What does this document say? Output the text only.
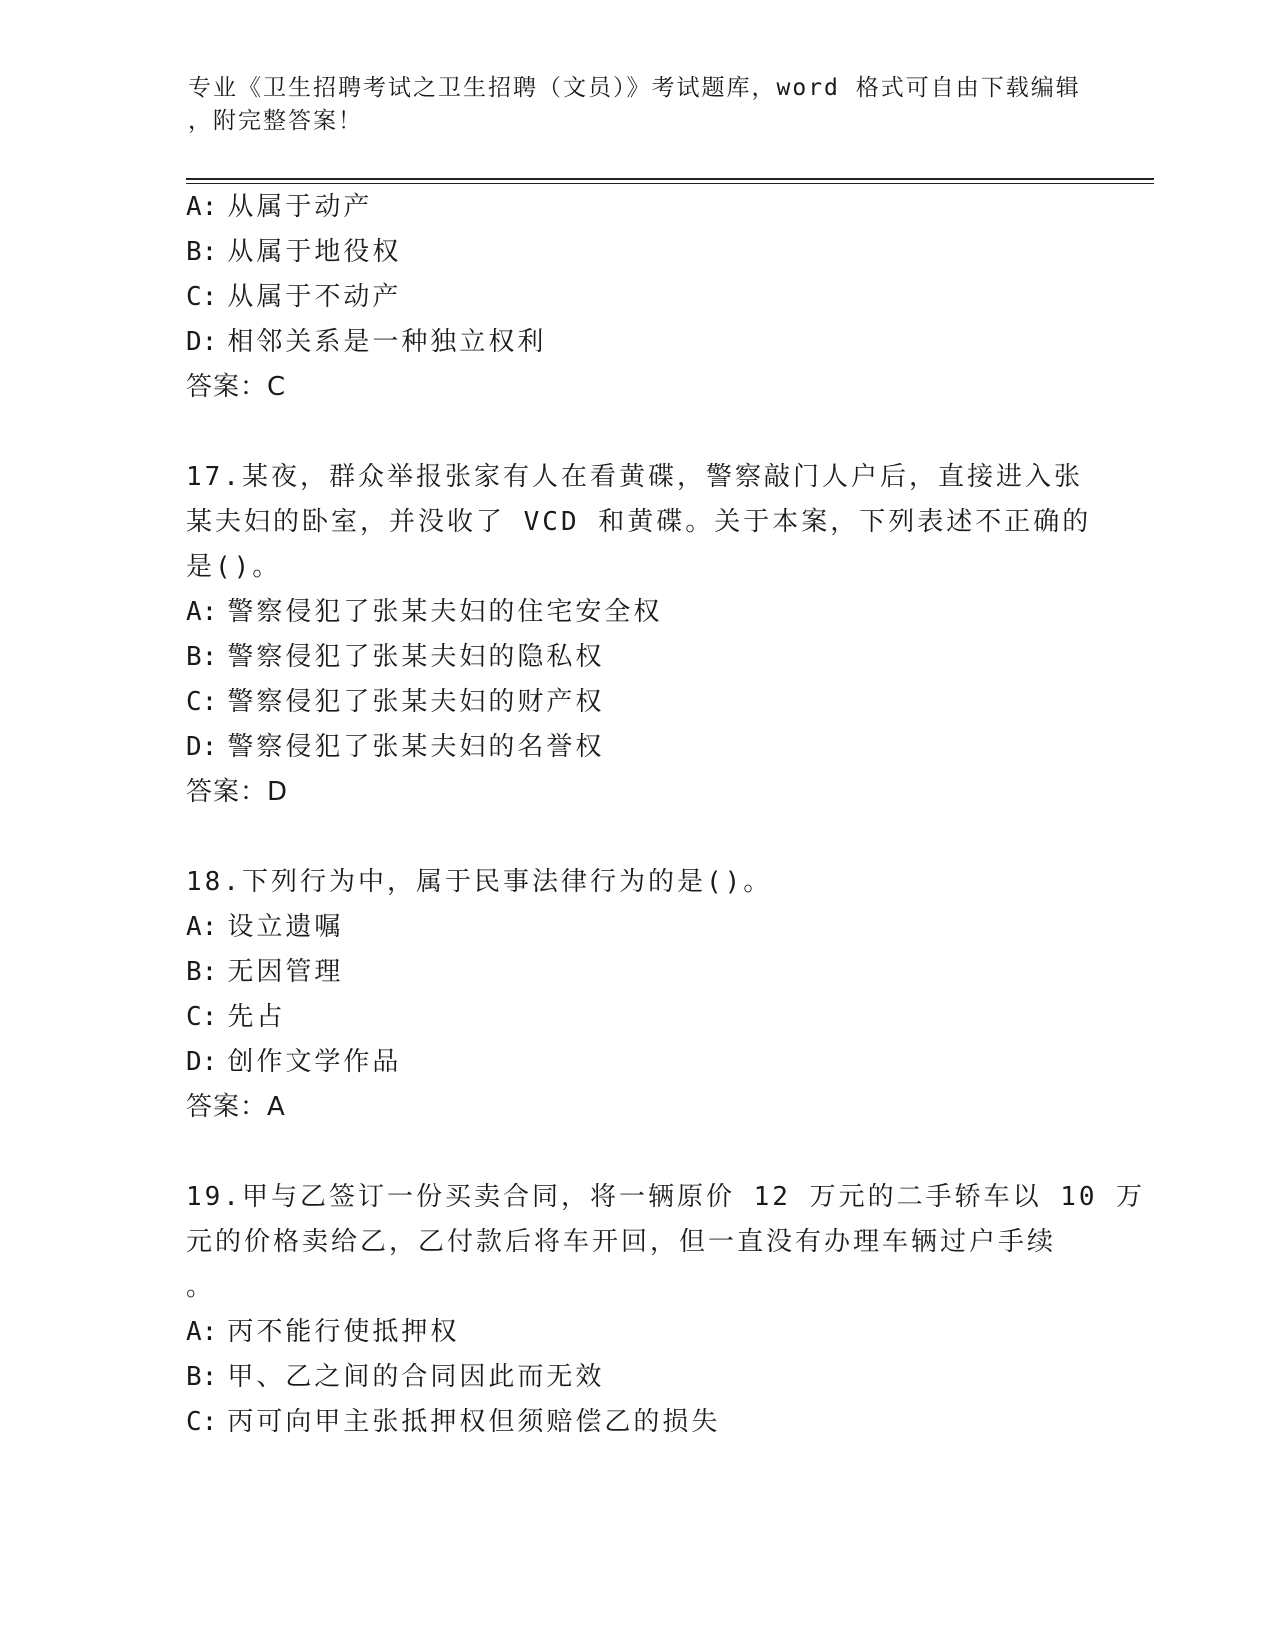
专业《卫生招聘考试之卫生招聘（文员）》考试题库，word 格式可自由下载编辑
，附完整答案！
A: 从属于动产
B: 从属于地役权
C: 从属于不动产
D: 相邻关系是一种独立权利
答案：C
17.某夜，群众举报张家有人在看黄碟，警察敲门人户后，直接进入张
某夫妇的卧室，并没收了 VCD 和黄碟。关于本案，下列表述不正确的
是()。
A: 警察侵犯了张某夫妇的住宅安全权
B: 警察侵犯了张某夫妇的隐私权
C: 警察侵犯了张某夫妇的财产权
D: 警察侵犯了张某夫妇的名誉权
答案：D
18.下列行为中，属于民事法律行为的是()。
A: 设立遗嘱
B: 无因管理
C: 先占
D: 创作文学作品
答案：A
19.甲与乙签订一份买卖合同，将一辆原价 12 万元的二手轿车以 10 万
元的价格卖给乙，乙付款后将车开回，但一直没有办理车辆过户手续
。
A: 丙不能行使抵押权
B: 甲、乙之间的合同因此而无效
C: 丙可向甲主张抵押权但须赔偿乙的损失
